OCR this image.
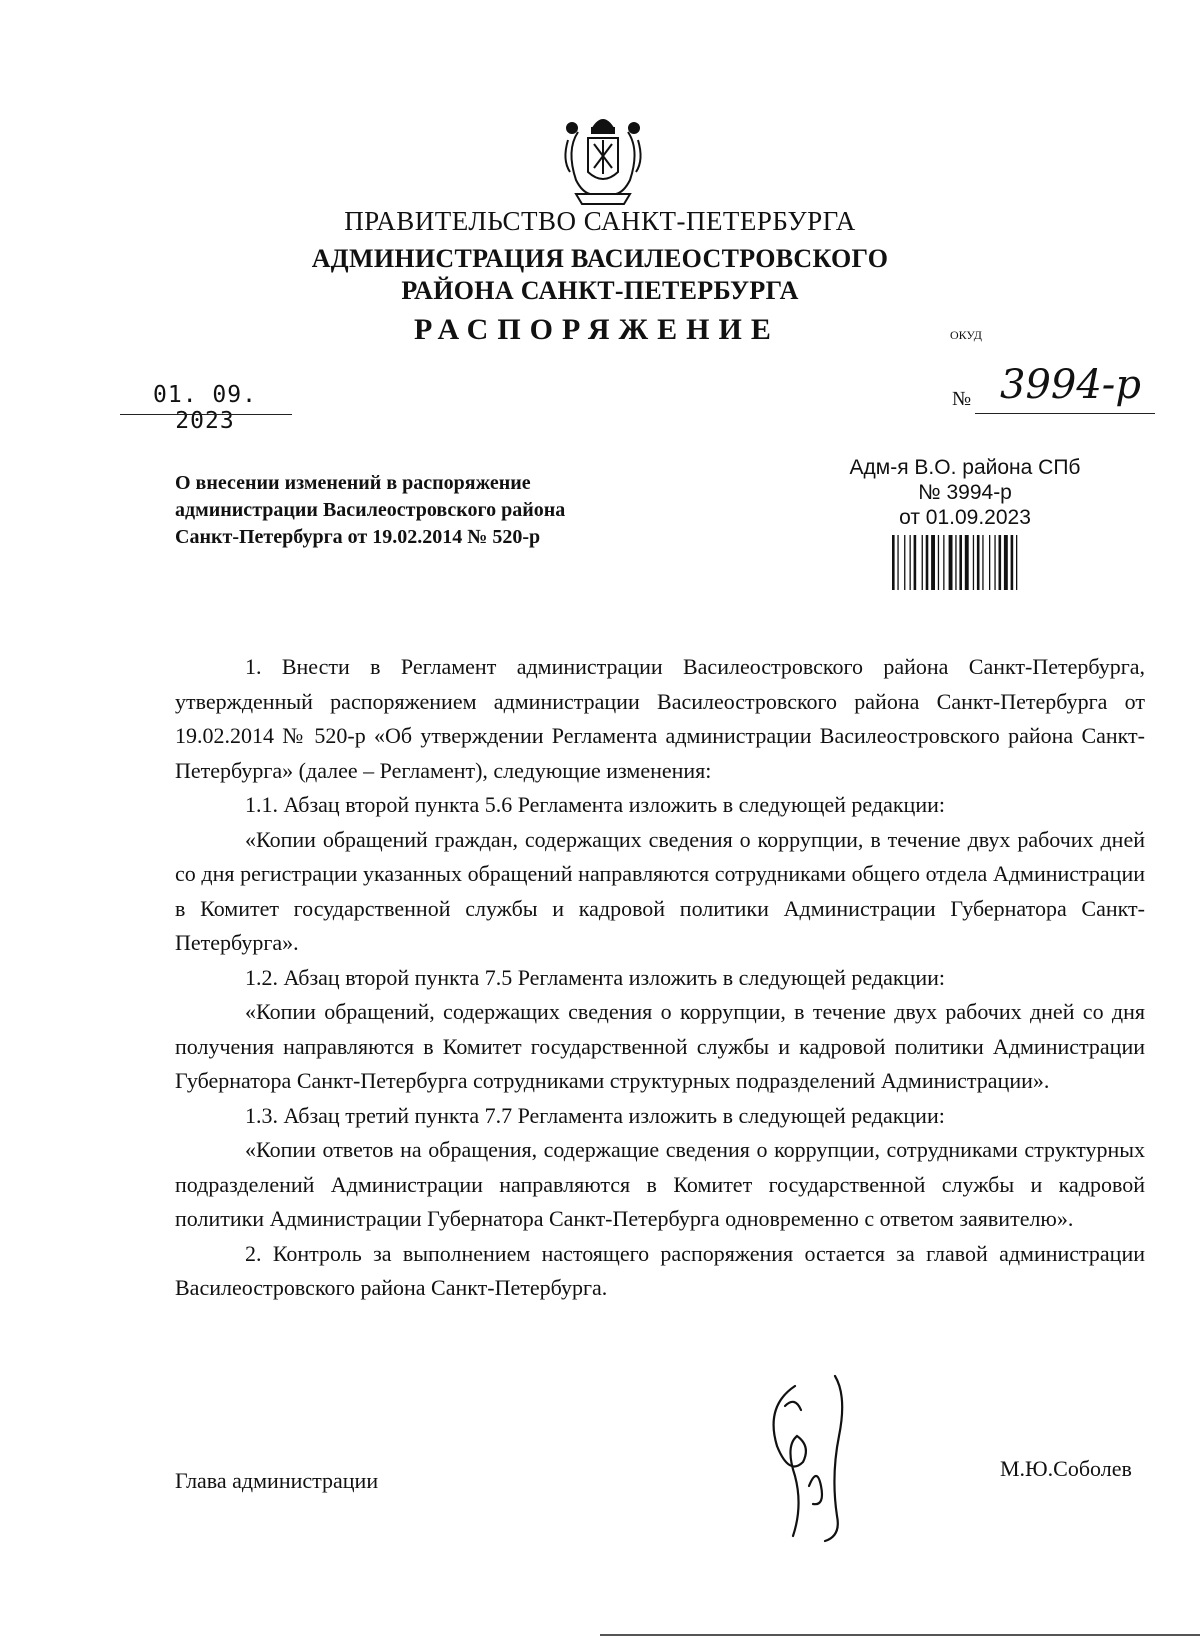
ПРАВИТЕЛЬСТВО САНКТ-ПЕТЕРБУРГА
АДМИНИСТРАЦИЯ ВАСИЛЕОСТРОВСКОГО
РАЙОНА САНКТ-ПЕТЕРБУРГА
РАСПОРЯЖЕНИЕ	ОКУД
01. 09. 2023
№ 3994-р
О внесении изменений в распоряжение
администрации Василеостровского района
Санкт-Петербурга от 19.02.2014 № 520-р
Адм-я В.О. района СПб
№ 3994-р
от 01.09.2023

1. Внести в Регламент администрации Василеостровского района Санкт-Петербурга, утвержденный распоряжением администрации Василеостровского района Санкт-Петербурга от 19.02.2014 № 520-р «Об утверждении Регламента администрации Василеостровского района Санкт-Петербурга» (далее – Регламент), следующие изменения:

1.1. Абзац второй пункта 5.6 Регламента изложить в следующей редакции:

«Копии обращений граждан, содержащих сведения о коррупции, в течение двух рабочих дней со дня регистрации указанных обращений направляются сотрудниками общего отдела Администрации в Комитет государственной службы и кадровой политики Администрации Губернатора Санкт-Петербурга».

1.2. Абзац второй пункта 7.5 Регламента изложить в следующей редакции:

«Копии обращений, содержащих сведения о коррупции, в течение двух рабочих дней со дня получения направляются в Комитет государственной службы и кадровой политики Администрации Губернатора Санкт-Петербурга сотрудниками структурных подразделений Администрации».

1.3. Абзац третий пункта 7.7 Регламента изложить в следующей редакции:

«Копии ответов на обращения, содержащие сведения о коррупции, сотрудниками структурных подразделений Администрации направляются в Комитет государственной службы и кадровой политики Администрации Губернатора Санкт-Петербурга одновременно с ответом заявителю».

2. Контроль за выполнением настоящего распоряжения остается за главой администрации Василеостровского района Санкт-Петербурга.

Глава администрации	М.Ю.Соболев
